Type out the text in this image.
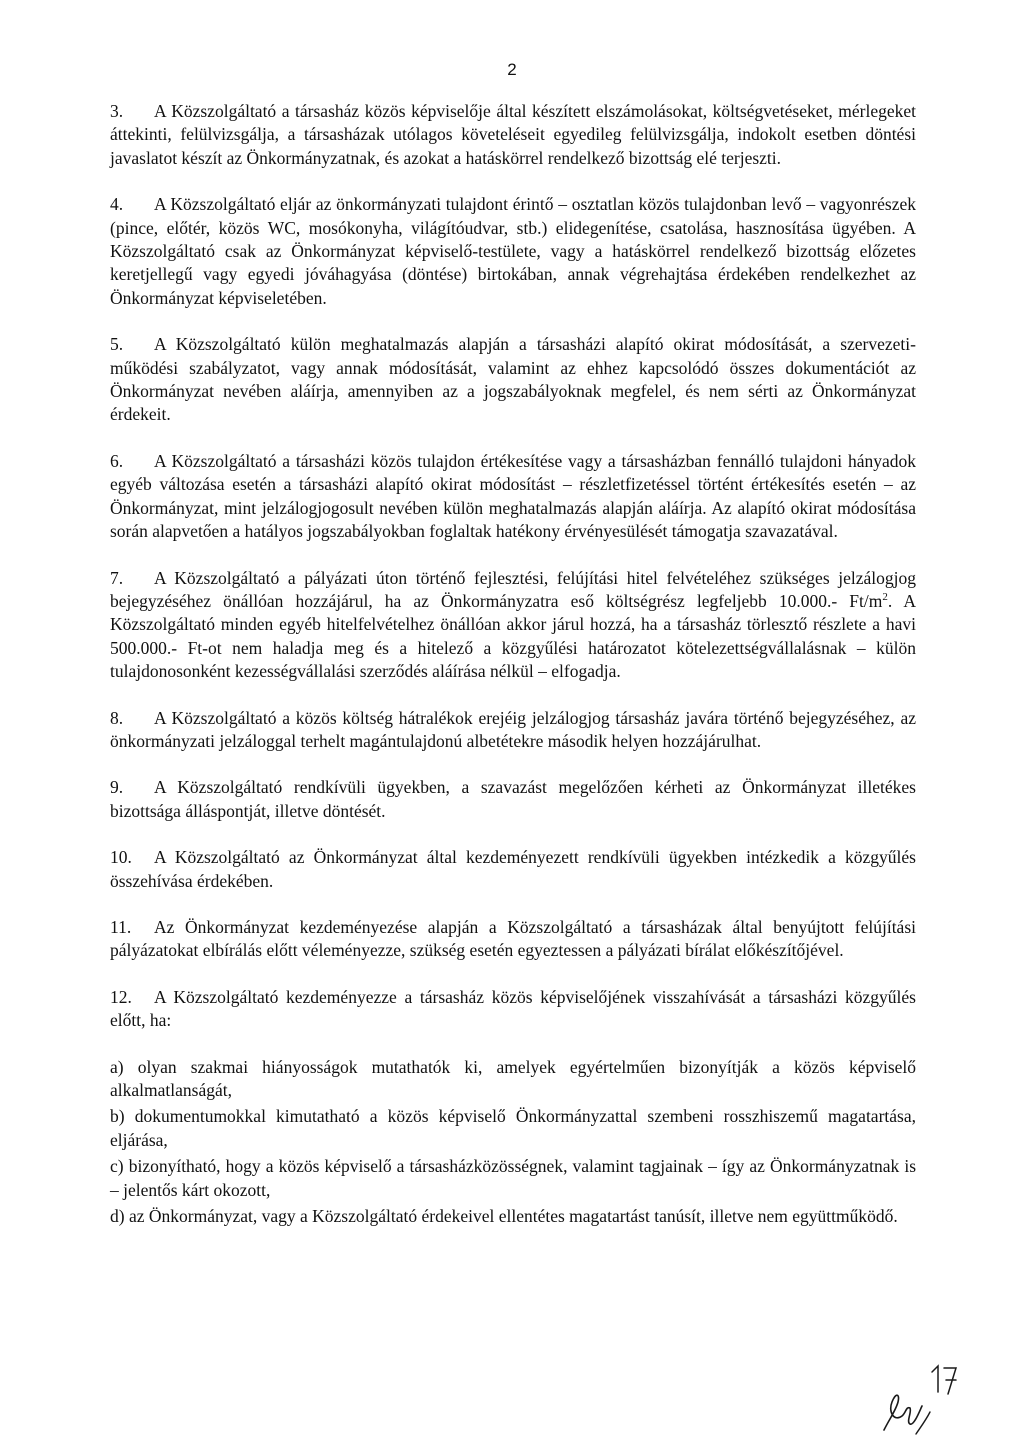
2

3. A Közszolgáltató a társasház közös képviselője által készített elszámolásokat, költségvetéseket, mérlegeket áttekinti, felülvizsgálja, a társasházak utólagos követeléseit egyedileg felülvizsgálja, indokolt esetben döntési javaslatot készít az Önkormányzatnak, és azokat a hatáskörrel rendelkező bizottság elé terjeszti.

4. A Közszolgáltató eljár az önkormányzati tulajdont érintő – osztatlan közös tulajdonban levő – vagyonrészek (pince, előtér, közös WC, mosókonyha, világítóudvar, stb.) elidegenítése, csatolása, hasznosítása ügyében. A Közszolgáltató csak az Önkormányzat képviselő-testülete, vagy a hatáskörrel rendelkező bizottság előzetes keretjellegű vagy egyedi jóváhagyása (döntése) birtokában, annak végrehajtása érdekében rendelkezhet az Önkormányzat képviseletében.

5. A Közszolgáltató külön meghatalmazás alapján a társasházi alapító okirat módosítását, a szervezeti-működési szabályzatot, vagy annak módosítását, valamint az ehhez kapcsolódó összes dokumentációt az Önkormányzat nevében aláírja, amennyiben az a jogszabályoknak megfelel, és nem sérti az Önkormányzat érdekeit.

6. A Közszolgáltató a társasházi közös tulajdon értékesítése vagy a társasházban fennálló tulajdoni hányadok egyéb változása esetén a társasházi alapító okirat módosítást – részletfizetéssel történt értékesítés esetén – az Önkormányzat, mint jelzálogjogosult nevében külön meghatalmazás alapján aláírja. Az alapító okirat módosítása során alapvetően a hatályos jogszabályokban foglaltak hatékony érvényesülését támogatja szavazatával.

7. A Közszolgáltató a pályázati úton történő fejlesztési, felújítási hitel felvételéhez szükséges jelzálogjog bejegyzéséhez önállóan hozzájárul, ha az Önkormányzatra eső költségrész legfeljebb 10.000.- $Ft/m^2$. A Közszolgáltató minden egyéb hitelfelvételhez önállóan akkor járul hozzá, ha a társasház törlesztő részlete a havi 500.000.- Ft-ot nem haladja meg és a hitelező a közgyűlési határozatot kötelezettségvállalásnak – külön tulajdonosonként kezességvállalási szerződés aláírása nélkül – elfogadja.

8. A Közszolgáltató a közös költség hátralékok erejéig jelzálogjog társasház javára történő bejegyzéséhez, az önkormányzati jelzáloggal terhelt magántulajdonú albetétekre második helyen hozzájárulhat.

9. A Közszolgáltató rendkívüli ügyekben, a szavazást megelőzően kérheti az Önkormányzat illetékes bizottsága álláspontját, illetve döntését.

10. A Közszolgáltató az Önkormányzat által kezdeményezett rendkívüli ügyekben intézkedik a közgyűlés összehívása érdekében.

11. Az Önkormányzat kezdeményezése alapján a Közszolgáltató a társasházak által benyújtott felújítási pályázatokat elbírálás előtt véleményezze, szükség esetén egyeztessen a pályázati bírálat előkészítőjével.

12. A Közszolgáltató kezdeményezze a társasház közös képviselőjének visszahívását a társasházi közgyűlés előtt, ha:

a) olyan szakmai hiányosságok mutathatók ki, amelyek egyértelműen bizonyítják a közös képviselő alkalmatlanságát,

b) dokumentumokkal kimutatható a közös képviselő Önkormányzattal szembeni rosszhiszemű magatartása, eljárása,

c) bizonyítható, hogy a közös képviselő a társasházközösségnek, valamint tagjainak – így az Önkormányzatnak is – jelentős kárt okozott,

d) az Önkormányzat, vagy a Közszolgáltató érdekeivel ellentétes magatartást tanúsít, illetve nem együttműködő.
